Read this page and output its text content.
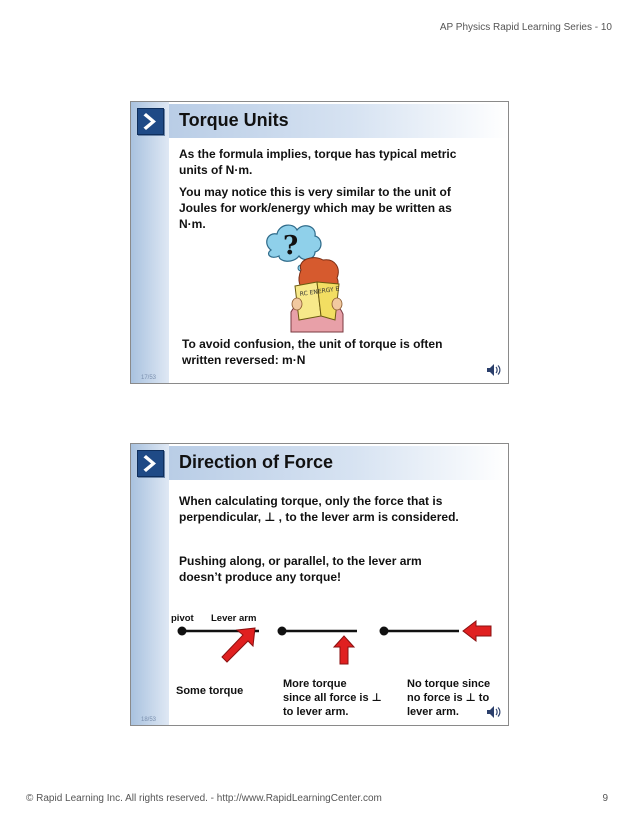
AP Physics Rapid Learning Series - 10
Torque Units
As the formula implies, torque has typical metric
units of N·m.
You may notice this is very similar to the unit of
Joules for work/energy which may be written as
N·m.
?
RC ENERGY E
To avoid confusion, the unit of torque is often
written reversed: m·N
17/53
Direction of Force
When calculating torque, only the force that is
perpendicular, ⊥ , to the lever arm is considered.
Pushing along, or parallel, to the lever arm
doesn’t produce any torque!
pivot Lever arm
Some torque
More torque
since all force is ⊥
to lever arm.
No torque since
no force is ⊥ to
lever arm.
18/53
© Rapid Learning Inc. All rights reserved. - http://www.RapidLearningCenter.com	9
